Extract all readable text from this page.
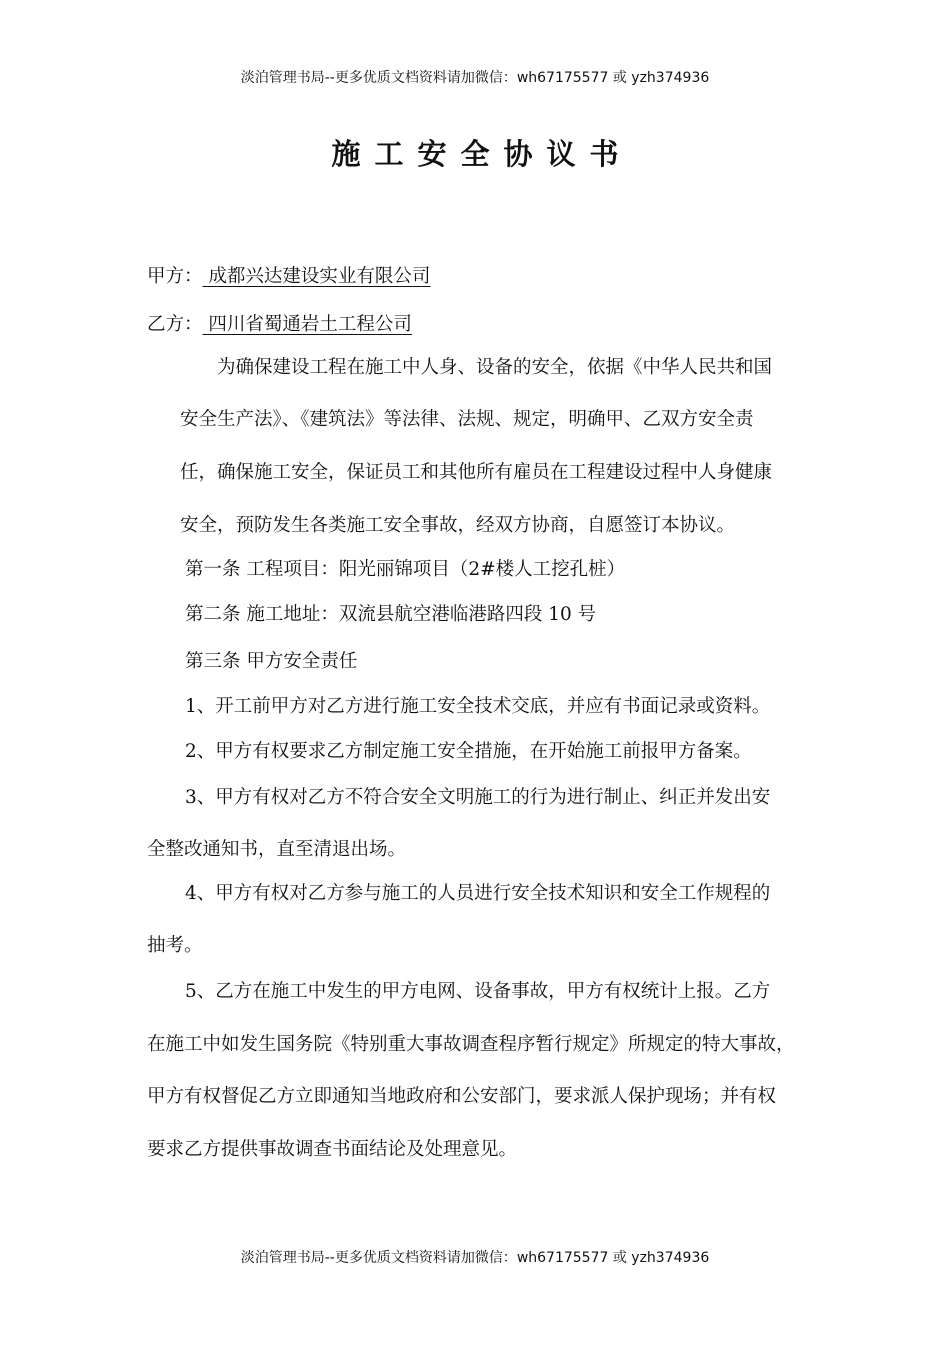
淡泊管理书局--更多优质文档资料请加微信：wh67175577 或 yzh374936
施工安全协议书
甲方： 成都兴达建设实业有限公司
乙方： 四川省蜀通岩土工程公司
为确保建设工程在施工中人身、设备的安全，依据《中华人民共和国
安全生产法》、《建筑法》等法律、法规、规定，明确甲、乙双方安全责
任，确保施工安全，保证员工和其他所有雇员在工程建设过程中人身健康
安全，预防发生各类施工安全事故，经双方协商，自愿签订本协议。
第一条 工程项目：阳光丽锦项目（2#楼人工挖孔桩）
第二条 施工地址：双流县航空港临港路四段 10 号
第三条 甲方安全责任
1、开工前甲方对乙方进行施工安全技术交底，并应有书面记录或资料。
2、甲方有权要求乙方制定施工安全措施，在开始施工前报甲方备案。
3、甲方有权对乙方不符合安全文明施工的行为进行制止、纠正并发出安
全整改通知书，直至清退出场。
4、甲方有权对乙方参与施工的人员进行安全技术知识和安全工作规程的
抽考。
5、乙方在施工中发生的甲方电网、设备事故，甲方有权统计上报。乙方
在施工中如发生国务院《特别重大事故调查程序暂行规定》所规定的特大事故，
甲方有权督促乙方立即通知当地政府和公安部门，要求派人保护现场；并有权
要求乙方提供事故调查书面结论及处理意见。
淡泊管理书局--更多优质文档资料请加微信：wh67175577 或 yzh374936
